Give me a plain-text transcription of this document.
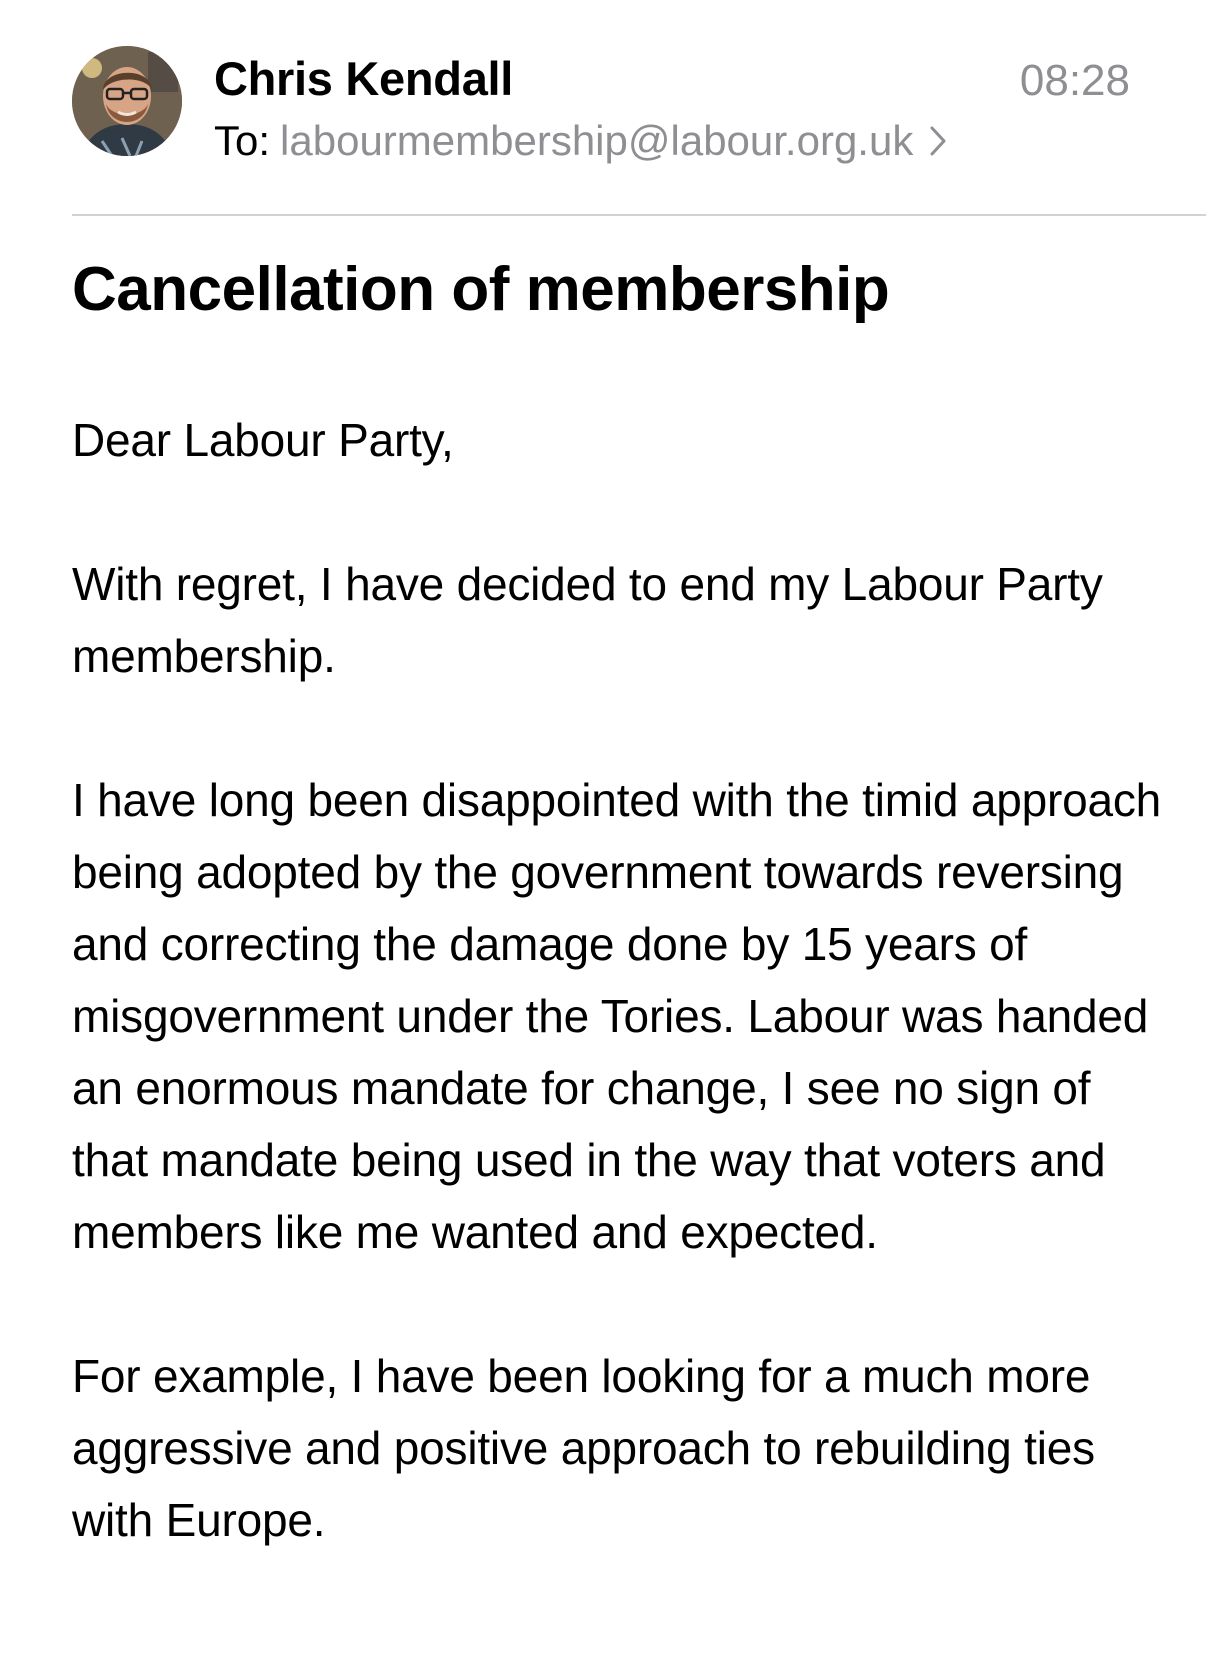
Chris Kendall	08:28
To: labourmembership@labour.org.uk
Cancellation of membership

Dear Labour Party,

With regret, I have decided to end my Labour Party membership.

I have long been disappointed with the timid approach being adopted by the government towards reversing and correcting the damage done by 15 years of misgovernment under the Tories. Labour was handed an enormous mandate for change, I see no sign of that mandate being used in the way that voters and members like me wanted and expected.

For example, I have been looking for a much more aggressive and positive approach to rebuilding ties with Europe.
